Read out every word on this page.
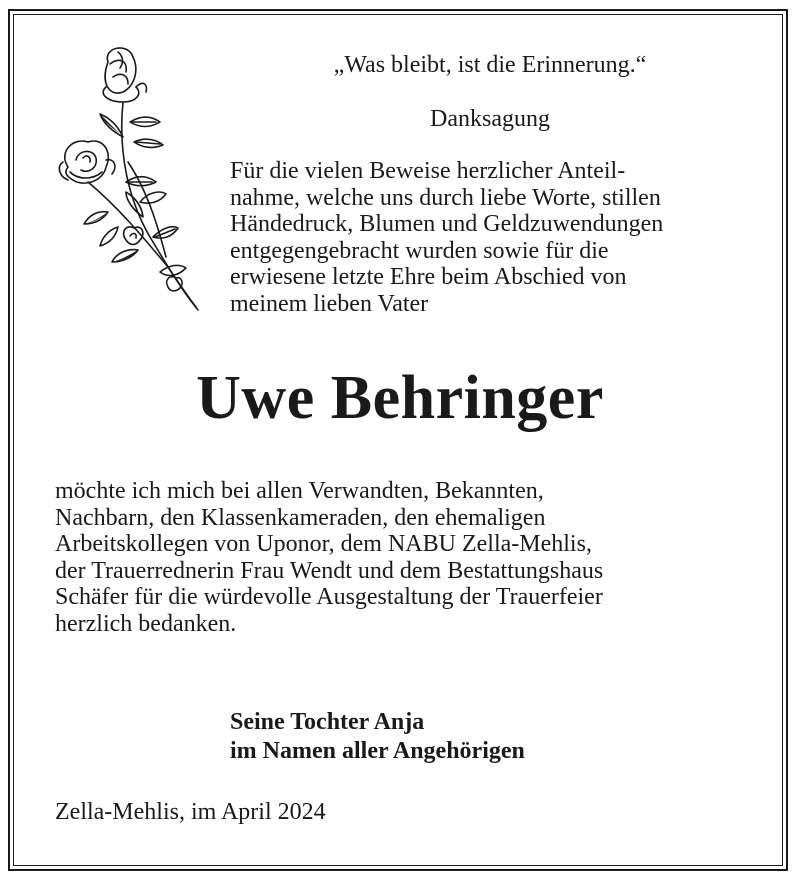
„Was bleibt, ist die Erinnerung.“
Danksagung
Für die vielen Beweise herzlicher Anteil-
nahme, welche uns durch liebe Worte, stillen
Händedruck, Blumen und Geldzuwendungen
entgegengebracht wurden sowie für die
erwiesene letzte Ehre beim Abschied von
meinem lieben Vater
Uwe Behringer
möchte ich mich bei allen Verwandten, Bekannten,
Nachbarn, den Klassenkameraden, den ehemaligen
Arbeitskollegen von Uponor, dem NABU Zella-Mehlis,
der Trauerrednerin Frau Wendt und dem Bestattungshaus
Schäfer für die würdevolle Ausgestaltung der Trauerfeier
herzlich bedanken.
Seine Tochter Anja
im Namen aller Angehörigen
Zella-Mehlis, im April 2024
